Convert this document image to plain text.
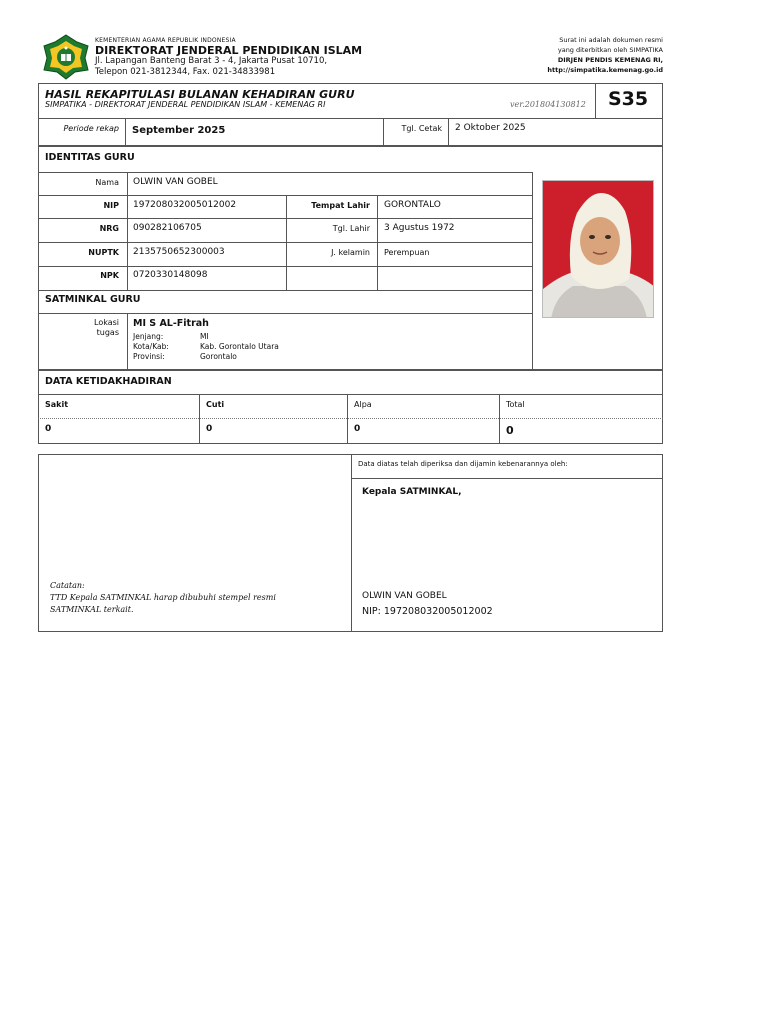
KEMENTERIAN AGAMA REPUBLIK INDONESIA
DIREKTORAT JENDERAL PENDIDIKAN ISLAM
Jl. Lapangan Banteng Barat 3 - 4, Jakarta Pusat 10710,
Telepon 021-3812344, Fax. 021-34833981
Surat ini adalah dokumen resmi
yang diterbitkan oleh SIMPATIKA
DIRJEN PENDIS KEMENAG RI,
http://simpatika.kemenag.go.id
HASIL REKAPITULASI BULANAN KEHADIRAN GURU
SIMPATIKA - DIREKTORAT JENDERAL PENDIDIKAN ISLAM - KEMENAG RI	ver.201804130812 S35
Periode rekap September 2025	Tgl. Cetak 2 Oktober 2025
IDENTITAS GURU
Nama OLWIN VAN GOBEL
NIP 197208032005012002	Tempat Lahir GORONTALO
NRG 090282106705	Tgl. Lahir 3 Agustus 1972
NUPTK 2135750652300003	J. kelamin Perempuan
NPK 0720330148098
SATMINKAL GURU
Lokasi
tugas
MI S AL-Fitrah
Jenjang:	MI
Kota/Kab:	Kab. Gorontalo Utara
Provinsi:	Gorontalo
DATA KETIDAKHADIRAN
Sakit	Cuti	Alpa	Total
0	0	0	0
Catatan:
TTD Kepala SATMINKAL harap dibubuhi stempel resmi
SATMINKAL terkait.
Data diatas telah diperiksa dan dijamin kebenarannya oleh:
Kepala SATMINKAL,
OLWIN VAN GOBEL
NIP: 197208032005012002
